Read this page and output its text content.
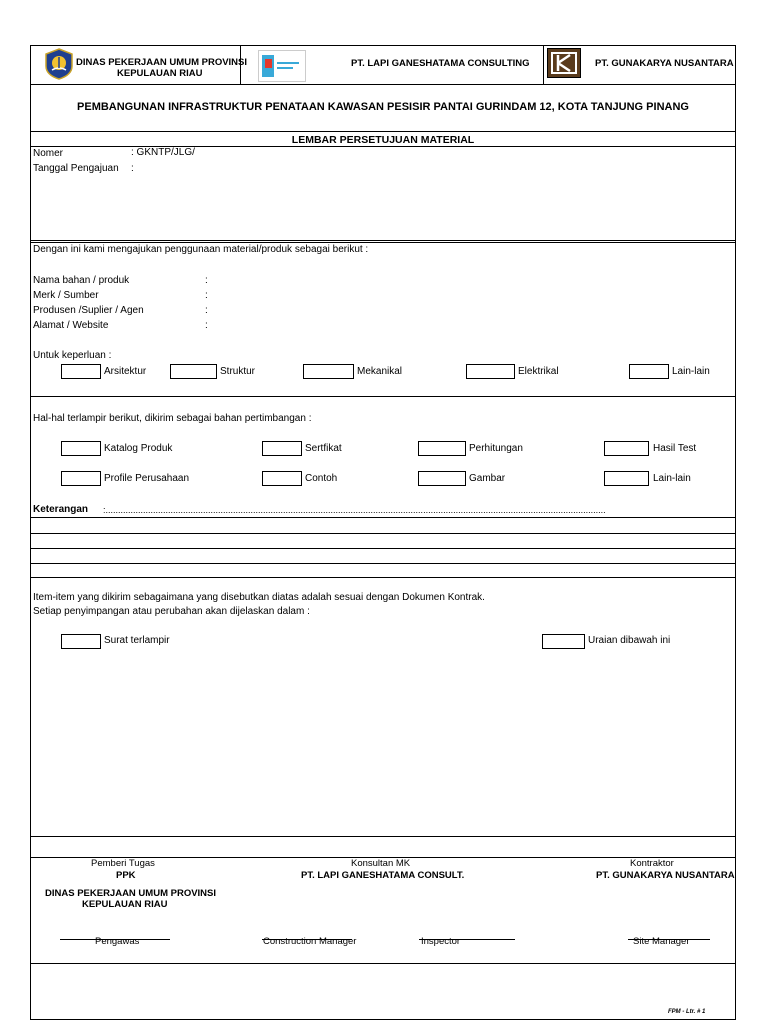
DINAS PEKERJAAN UMUM PROVINSI
KEPULAUAN RIAU
PT. LAPI GANESHATAMA CONSULTING	PT. GUNAKARYA NUSANTARA
PEMBANGUNAN INFRASTRUKTUR PENATAAN KAWASAN PESISIR PANTAI GURINDAM 12, KOTA TANJUNG PINANG
LEMBAR PERSETUJUAN MATERIAL
Nomer	: GKNTP/JLG/
Tanggal Pengajuan :
Dengan ini kami mengajukan penggunaan material/produk sebagai berikut :
Nama bahan / produk	:
Merk / Sumber	:
Produsen /Suplier / Agen	:
Alamat / Website	:
Untuk keperluan :
Arsitektur	Struktur	Mekanikal	Elektrikal	Lain-lain
Hal-hal terlampir berikut, dikirim sebagai bahan pertimbangan :
Katalog Produk	Sertfikat	Perhitungan	Hasil Test
Profile Perusahaan	Contoh	Gambar	Lain-lain
Keterangan :........................................................................................................................................................................................................
Item-item yang dikirim sebagaimana yang disebutkan diatas adalah sesuai dengan Dokumen Kontrak.
Setiap penyimpangan atau perubahan akan dijelaskan dalam :
Surat terlampir	Uraian dibawah ini
Pemberi Tugas	Konsultan MK	Kontraktor
PPK	PT. LAPI GANESHATAMA CONSULT.	PT. GUNAKARYA NUSANTARA
DINAS PEKERJAAN UMUM PROVINSI
KEPULAUAN RIAU
Pengawas	Construction Manager	Inspector	Site Manager
FPM - Ltr. # 1
